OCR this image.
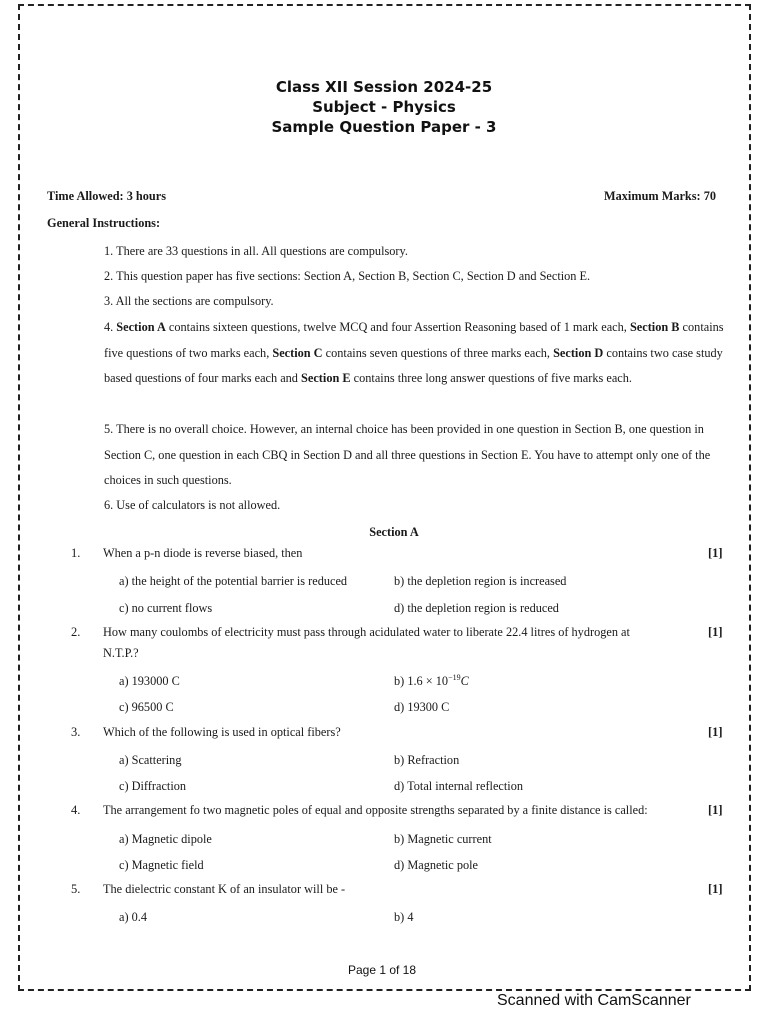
Class XII Session 2024-25
Subject - Physics
Sample Question Paper - 3
Time Allowed: 3 hours	Maximum Marks: 70
General Instructions:
1. There are 33 questions in all. All questions are compulsory.
2. This question paper has five sections: Section A, Section B, Section C, Section D and Section E.
3. All the sections are compulsory.
4. Section A contains sixteen questions, twelve MCQ and four Assertion Reasoning based of 1 mark each, Section B contains five questions of two marks each, Section C contains seven questions of three marks each, Section D contains two case study based questions of four marks each and Section E contains three long answer questions of five marks each.
5. There is no overall choice. However, an internal choice has been provided in one question in Section B, one question in Section C, one question in each CBQ in Section D and all three questions in Section E. You have to attempt only one of the choices in such questions.
6. Use of calculators is not allowed.
Section A
1. When a p-n diode is reverse biased, then	[1]
a) the height of the potential barrier is reduced	b) the depletion region is increased
c) no current flows	d) the depletion region is reduced
2. How many coulombs of electricity must pass through acidulated water to liberate 22.4 litres of hydrogen at
N.T.P.?
[1]
a) 193000 C	b) $1.6 \times 10^{-19}C$
c) 96500 C	d) 19300 C
3. Which of the following is used in optical fibers?	[1]
a) Scattering	b) Refraction
c) Diffraction	d) Total internal reflection
4. The arrangement fo two magnetic poles of equal and opposite strengths separated by a finite distance is called:	[1]
a) Magnetic dipole	b) Magnetic current
c) Magnetic field	d) Magnetic pole
5. The dielectric constant K of an insulator will be -	[1]
a) 0.4	b) 4
Page 1 of 18
Scanned with CamScanner
